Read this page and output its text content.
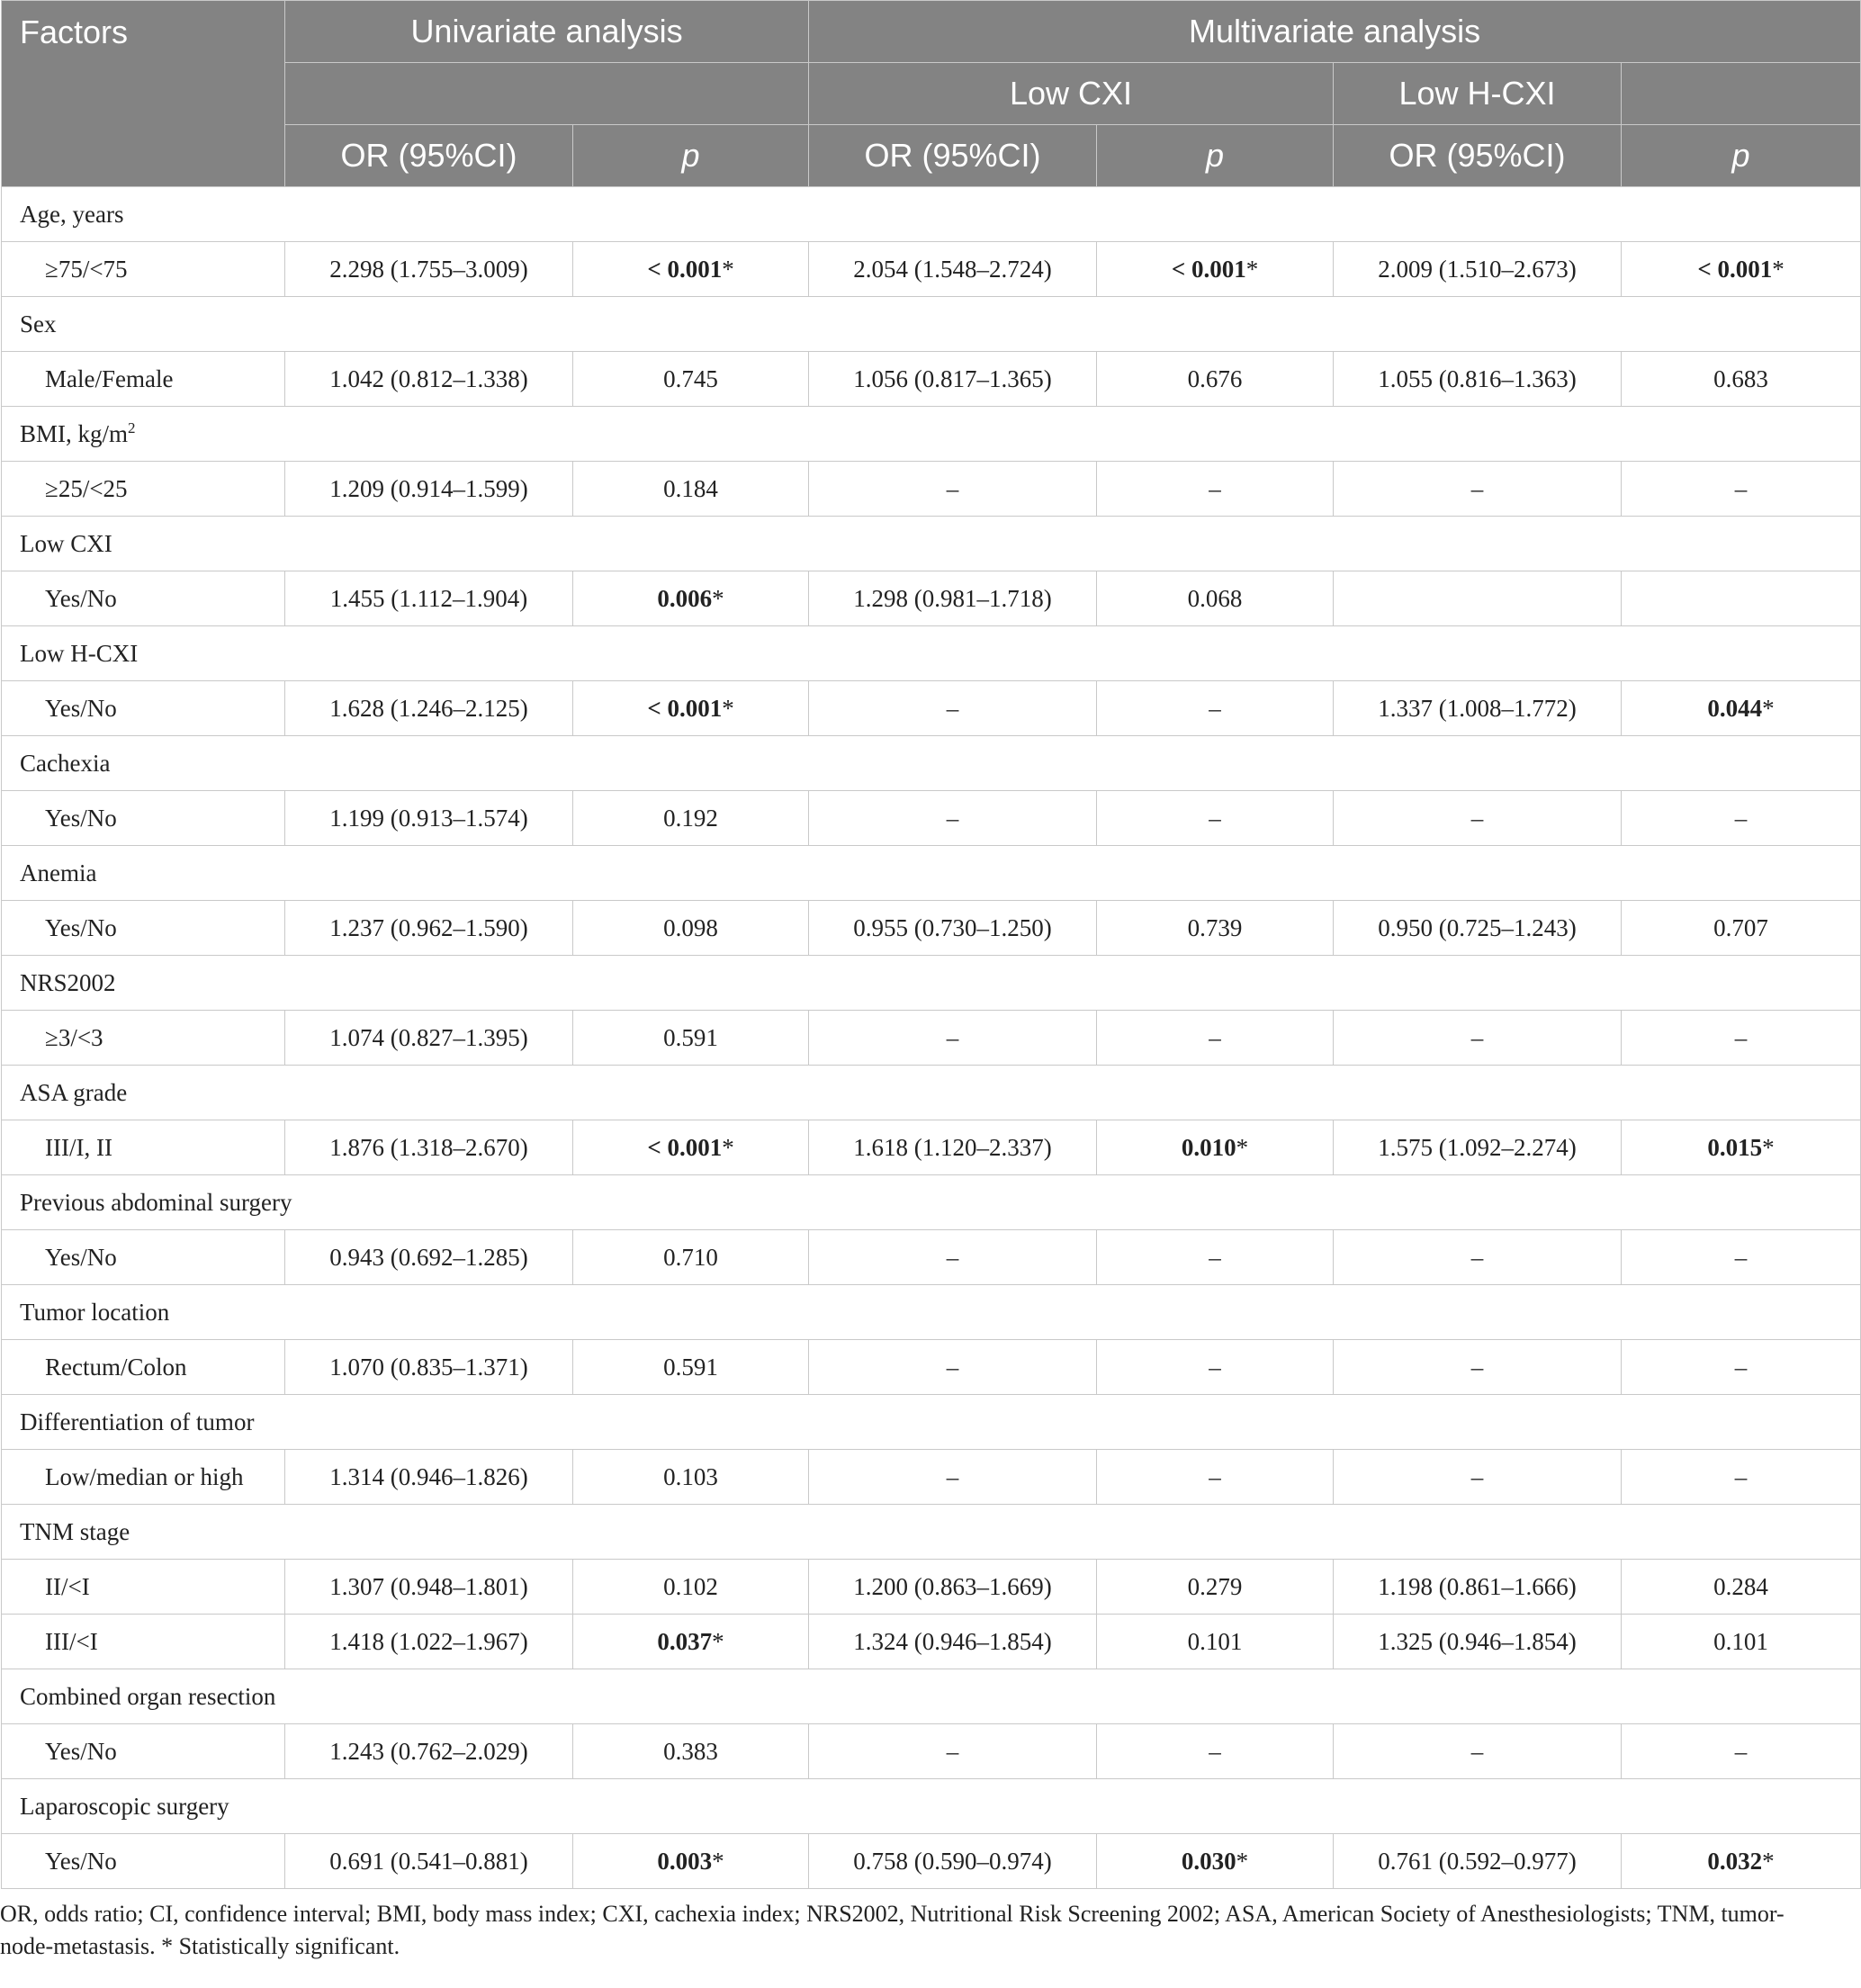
Factors	Univariate analysis		Multivariate analysis			
			Low CXI		Low H-CXI	
	OR (95%CI)	p	OR (95%CI)	p	OR (95%CI)	p
Age, years						
≥75/<75	2.298 (1.755–3.009)	< 0.001*	2.054 (1.548–2.724)	< 0.001*	2.009 (1.510–2.673)	< 0.001*
Sex						
Male/Female	1.042 (0.812–1.338)	0.745	1.056 (0.817–1.365)	0.676	1.055 (0.816–1.363)	0.683
BMI, $kg/m^2$
≥25/<25	1.209 (0.914–1.599)	0.184	–	–	–	–
Low CXI						
Yes/No	1.455 (1.112–1.904)	0.006*	1.298 (0.981–1.718)	0.068		
Low H-CXI						
Yes/No	1.628 (1.246–2.125)	< 0.001*	–	–	1.337 (1.008–1.772)	0.044*
Cachexia						
Yes/No	1.199 (0.913–1.574)	0.192	–	–	–	–
Anemia						
Yes/No	1.237 (0.962–1.590)	0.098	0.955 (0.730–1.250)	0.739	0.950 (0.725–1.243)	0.707
NRS2002						
≥3/<3	1.074 (0.827–1.395)	0.591	–	–	–	–
ASA grade						
III/I, II	1.876 (1.318–2.670)	< 0.001*	1.618 (1.120–2.337)	0.010*	1.575 (1.092–2.274)	0.015*
Previous abdominal surgery						
Yes/No	0.943 (0.692–1.285)	0.710	–	–	–	–
Tumor location						
Rectum/Colon	1.070 (0.835–1.371)	0.591	–	–	–	–
Differentiation of tumor						
Low/median or high	1.314 (0.946–1.826)	0.103	–	–	–	–
TNM stage						
II/<I	1.307 (0.948–1.801)	0.102	1.200 (0.863–1.669)	0.279	1.198 (0.861–1.666)	0.284
III/<I	1.418 (1.022–1.967)	0.037*	1.324 (0.946–1.854)	0.101	1.325 (0.946–1.854)	0.101
Combined organ resection						
Yes/No	1.243 (0.762–2.029)	0.383	–	–	–	–
Laparoscopic surgery						
Yes/No	0.691 (0.541–0.881)	0.003*	0.758 (0.590–0.974)	0.030*	0.761 (0.592–0.977)	0.032*
OR, odds ratio; CI, confidence interval; BMI, body mass index; CXI, cachexia index; NRS2002, Nutritional Risk Screening 2002; ASA, American Society of Anesthesiologists; TNM, tumor-
node-metastasis. * Statistically significant.
